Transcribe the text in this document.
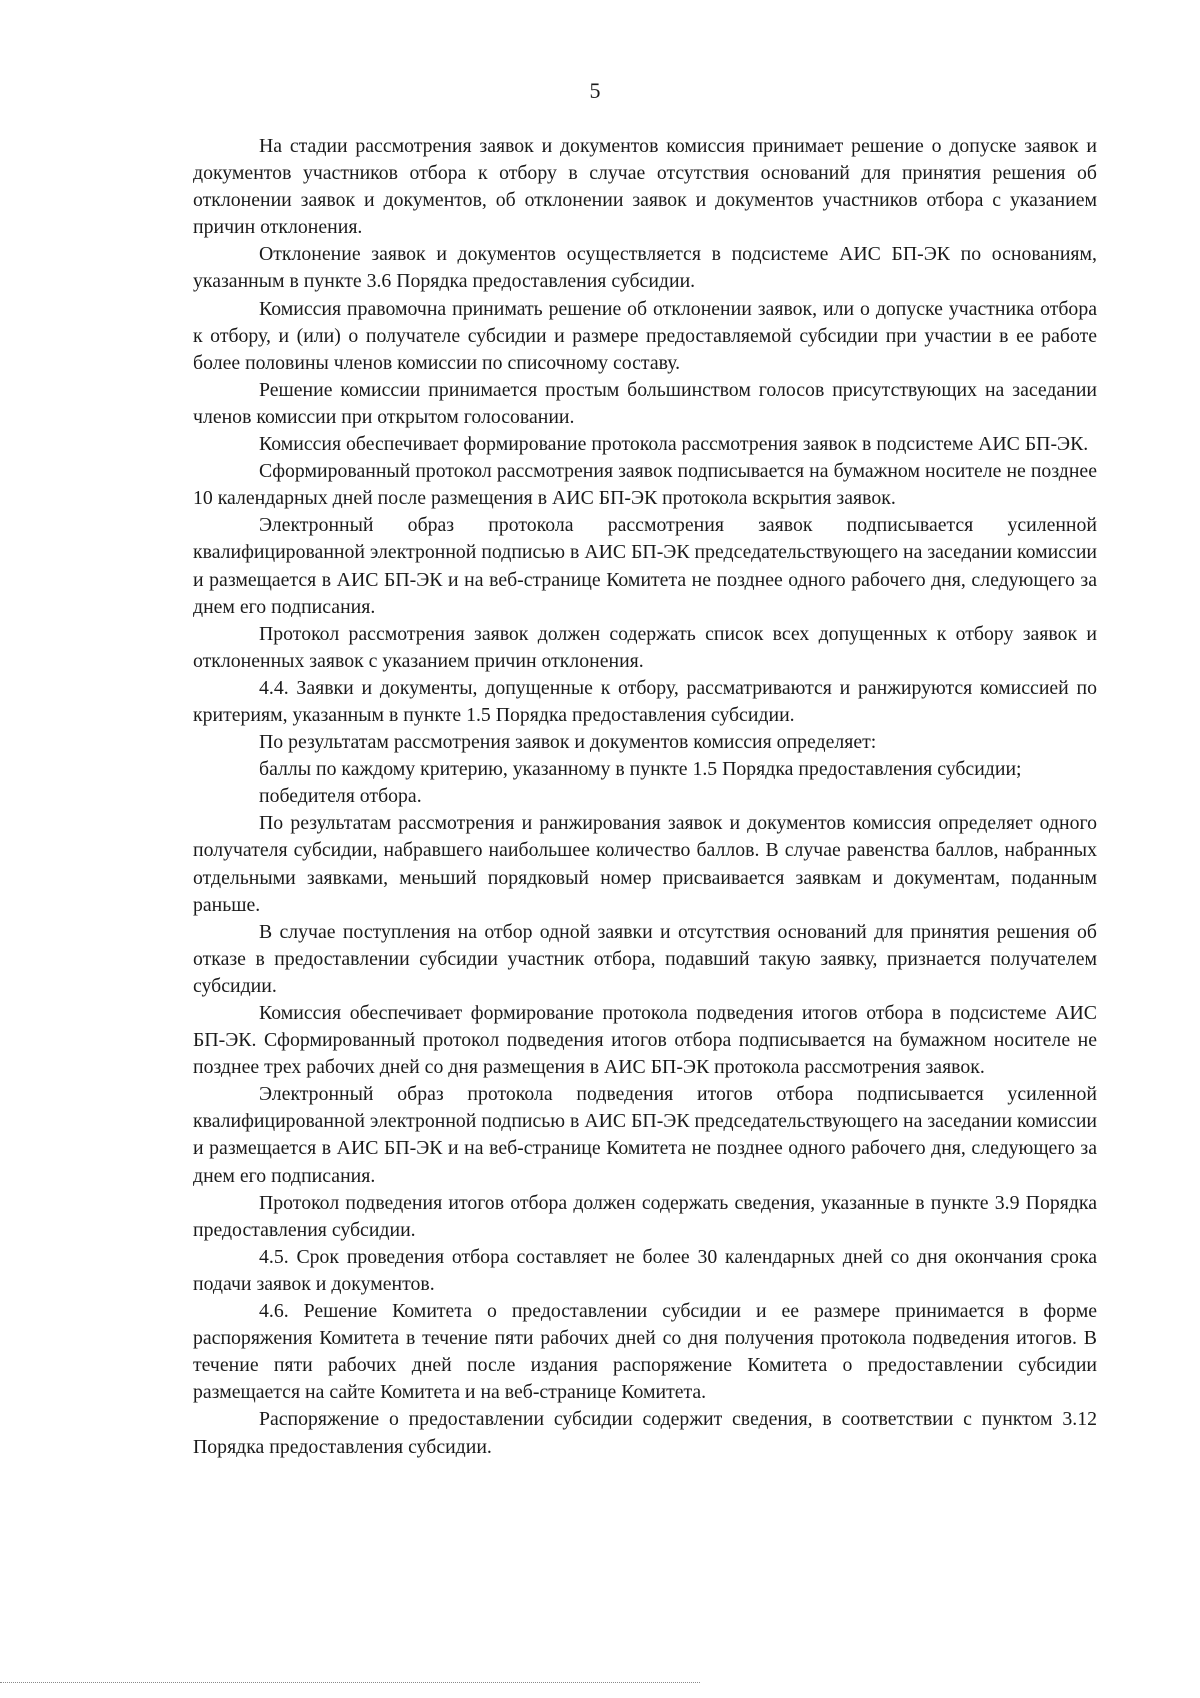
5

На стадии рассмотрения заявок и документов комиссия принимает решение о допуске заявок и документов участников отбора к отбору в случае отсутствия оснований для принятия решения об отклонении заявок и документов, об отклонении заявок и документов участников отбора с указанием причин отклонения.

Отклонение заявок и документов осуществляется в подсистеме АИС БП-ЭК по основаниям, указанным в пункте 3.6 Порядка предоставления субсидии.

Комиссия правомочна принимать решение об отклонении заявок, или о допуске участника отбора к отбору, и (или) о получателе субсидии и размере предоставляемой субсидии при участии в ее работе более половины членов комиссии по списочному составу.

Решение комиссии принимается простым большинством голосов присутствующих на заседании членов комиссии при открытом голосовании.

Комиссия обеспечивает формирование протокола рассмотрения заявок в подсистеме АИС БП-ЭК.

Сформированный протокол рассмотрения заявок подписывается на бумажном носителе не позднее 10 календарных дней после размещения в АИС БП-ЭК протокола вскрытия заявок.

Электронный образ протокола рассмотрения заявок подписывается усиленной квалифицированной электронной подписью в АИС БП-ЭК председательствующего на заседании комиссии и размещается в АИС БП-ЭК и на веб-странице Комитета не позднее одного рабочего дня, следующего за днем его подписания.

Протокол рассмотрения заявок должен содержать список всех допущенных к отбору заявок и отклоненных заявок с указанием причин отклонения.

4.4. Заявки и документы, допущенные к отбору, рассматриваются и ранжируются комиссией по критериям, указанным в пункте 1.5 Порядка предоставления субсидии.

По результатам рассмотрения заявок и документов комиссия определяет:

баллы по каждому критерию, указанному в пункте 1.5 Порядка предоставления субсидии;

победителя отбора.

По результатам рассмотрения и ранжирования заявок и документов комиссия определяет одного получателя субсидии, набравшего наибольшее количество баллов. В случае равенства баллов, набранных отдельными заявками, меньший порядковый номер присваивается заявкам и документам, поданным раньше.

В случае поступления на отбор одной заявки и отсутствия оснований для принятия решения об отказе в предоставлении субсидии участник отбора, подавший такую заявку, признается получателем субсидии.

Комиссия обеспечивает формирование протокола подведения итогов отбора в подсистеме АИС БП-ЭК. Сформированный протокол подведения итогов отбора подписывается на бумажном носителе не позднее трех рабочих дней со дня размещения в АИС БП-ЭК протокола рассмотрения заявок.

Электронный образ протокола подведения итогов отбора подписывается усиленной квалифицированной электронной подписью в АИС БП-ЭК председательствующего на заседании комиссии и размещается в АИС БП-ЭК и на веб-странице Комитета не позднее одного рабочего дня, следующего за днем его подписания.

Протокол подведения итогов отбора должен содержать сведения, указанные в пункте 3.9 Порядка предоставления субсидии.

4.5. Срок проведения отбора составляет не более 30 календарных дней со дня окончания срока подачи заявок и документов.

4.6. Решение Комитета о предоставлении субсидии и ее размере принимается в форме распоряжения Комитета в течение пяти рабочих дней со дня получения протокола подведения итогов. В течение пяти рабочих дней после издания распоряжение Комитета о предоставлении субсидии размещается на сайте Комитета и на веб-странице Комитета.

Распоряжение о предоставлении субсидии содержит сведения, в соответствии с пунктом 3.12 Порядка предоставления субсидии.
